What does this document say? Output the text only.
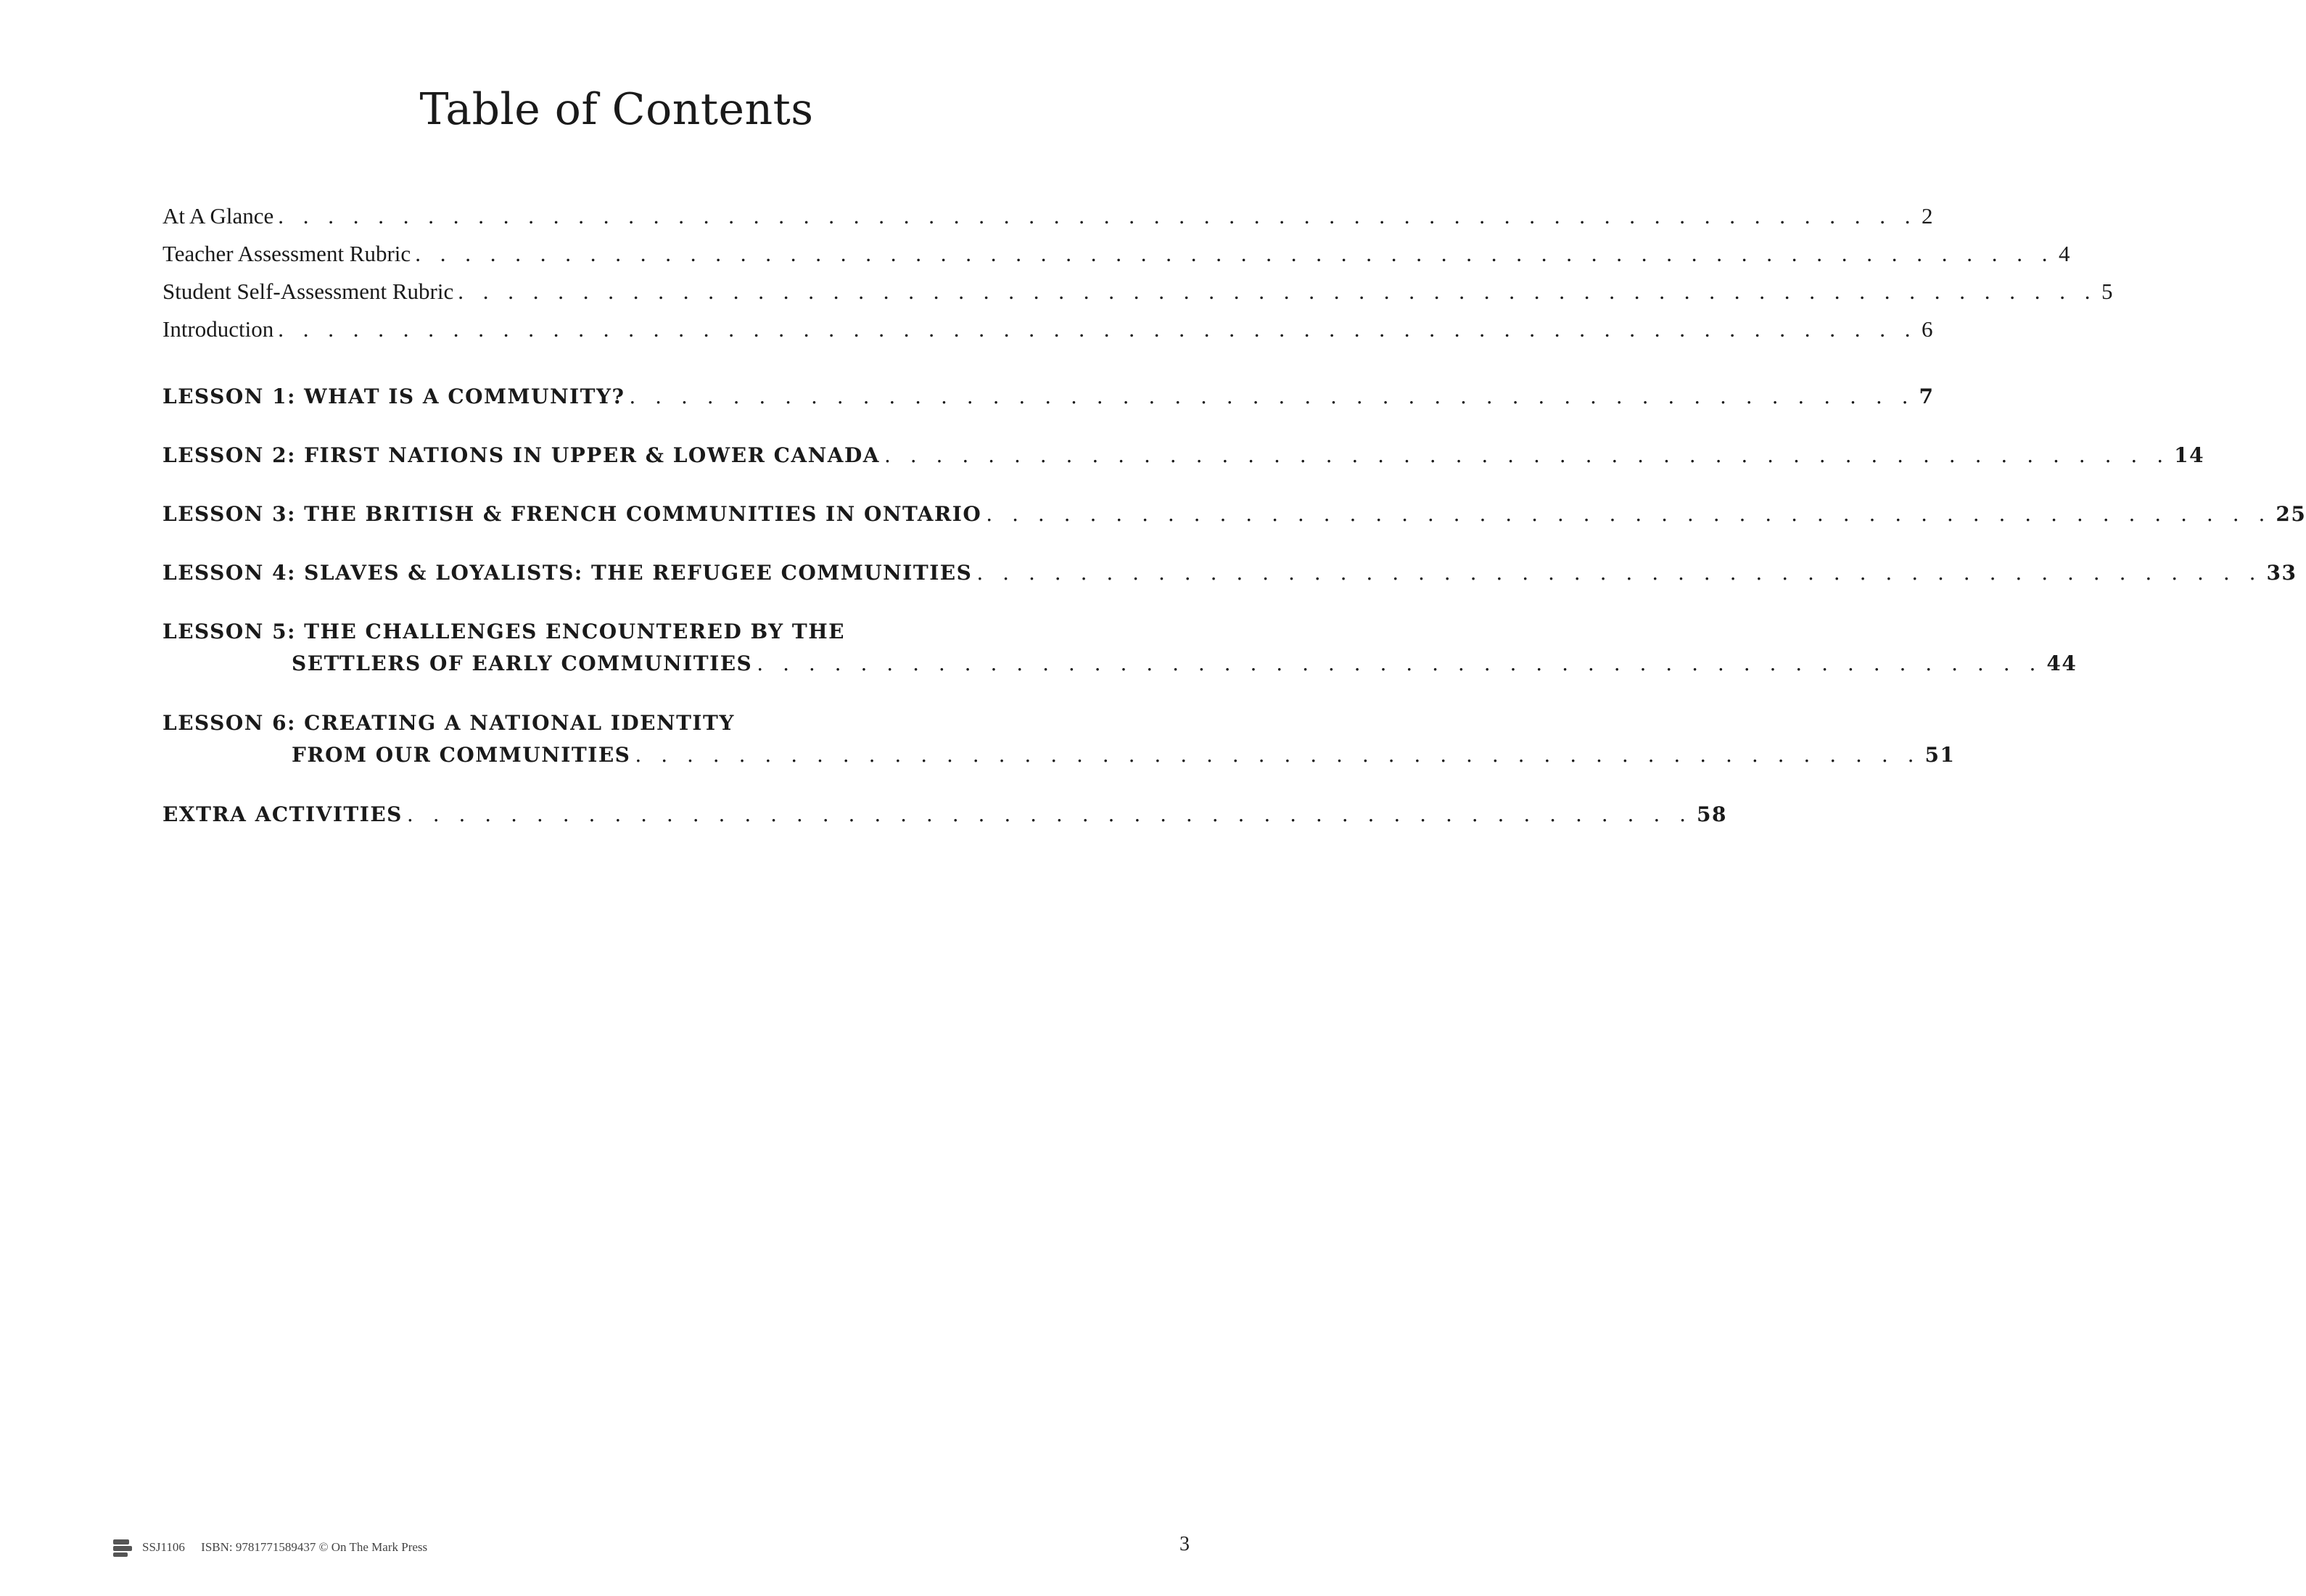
Table of Contents
At A Glance . . . . . . . . . . . . . . . . . . . . . . . . . . . . . . . . . . . . . . . . . . . . . . . . . . . . . . . . . . . . . . . . . . 2
Teacher Assessment Rubric . . . . . . . . . . . . . . . . . . . . . . . . . . . . . . . . . . . . . . . . . . . . . . . . . . . . . . . . . . . . . . . . . . 4
Student Self-Assessment Rubric . . . . . . . . . . . . . . . . . . . . . . . . . . . . . . . . . . . . . . . . . . . . . . . . . . . . . . . . . . . . . . . . . . 5
Introduction . . . . . . . . . . . . . . . . . . . . . . . . . . . . . . . . . . . . . . . . . . . . . . . . . . . . . . . . . . . . . . . . . . 6
LESSON 1: WHAT IS A COMMUNITY? . . . . . . . . . . . . . . . . . . . . . . . . . . . . . . . . . . . . . . . . . . . . . . . . . . 7
LESSON 2: FIRST NATIONS IN UPPER & LOWER CANADA . . . . . . . . . . . . . . . . . . . . . . . . . . . . . . . . . . . . . . . . . . . . . . . . . . 14
LESSON 3: THE BRITISH & FRENCH COMMUNITIES IN ONTARIO . . . . . . . . . . . . . . . . . . . . . . . . . . . . . . . . . . . . . . . . . . . . . . . . . . 25
LESSON 4: SLAVES & LOYALISTS: THE REFUGEE COMMUNITIES . . . . . . . . . . . . . . . . . . . . . . . . . . . . . . . . . . . . . . . . . . . . . . . . . . 33
LESSON 5: THE CHALLENGES ENCOUNTERED BY THE
SETTLERS OF EARLY COMMUNITIES . . . . . . . . . . . . . . . . . . . . . . . . . . . . . . . . . . . . . . . . . . . . . . . . . . 44
LESSON 6: CREATING A NATIONAL IDENTITY
FROM OUR COMMUNITIES . . . . . . . . . . . . . . . . . . . . . . . . . . . . . . . . . . . . . . . . . . . . . . . . . . 51
EXTRA ACTIVITIES . . . . . . . . . . . . . . . . . . . . . . . . . . . . . . . . . . . . . . . . . . . . . . . . . . 58
SSJ1106 ISBN: 9781771589437 © On The Mark Press	3
